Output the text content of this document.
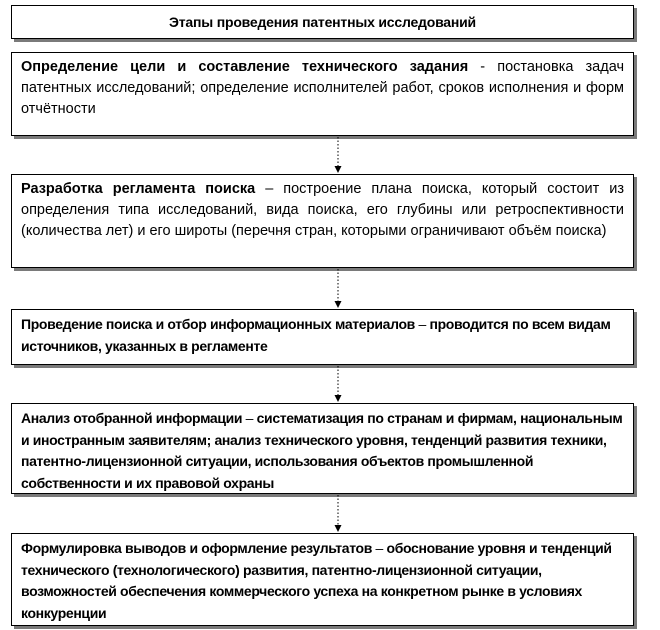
Этапы проведения патентных исследований
Определение цели и составление технического задания - постановка задач патентных исследований; определение исполнителей работ, сроков исполнения и форм отчётности
Разработка регламента поиска – построение плана поиска, который состоит из определения типа исследований, вида поиска, его глубины или ретроспективности (количества лет) и его широты (перечня стран, которыми ограничивают объём поиска)
Проведение поиска и отбор информационных материалов – проводится по всем видам источников, указанных в регламенте
Анализ отобранной информации – систематизация по странам и фирмам, национальным и иностранным заявителям; анализ технического уровня, тенденций развития техники, патентно-лицензионной ситуации, использования объектов промышленной собственности и их правовой охраны
Формулировка выводов и оформление результатов – обоснование уровня и тенденций технического (технологического) развития, патентно-лицензионной ситуации, возможностей обеспечения коммерческого успеха на конкретном рынке в условиях конкуренции
